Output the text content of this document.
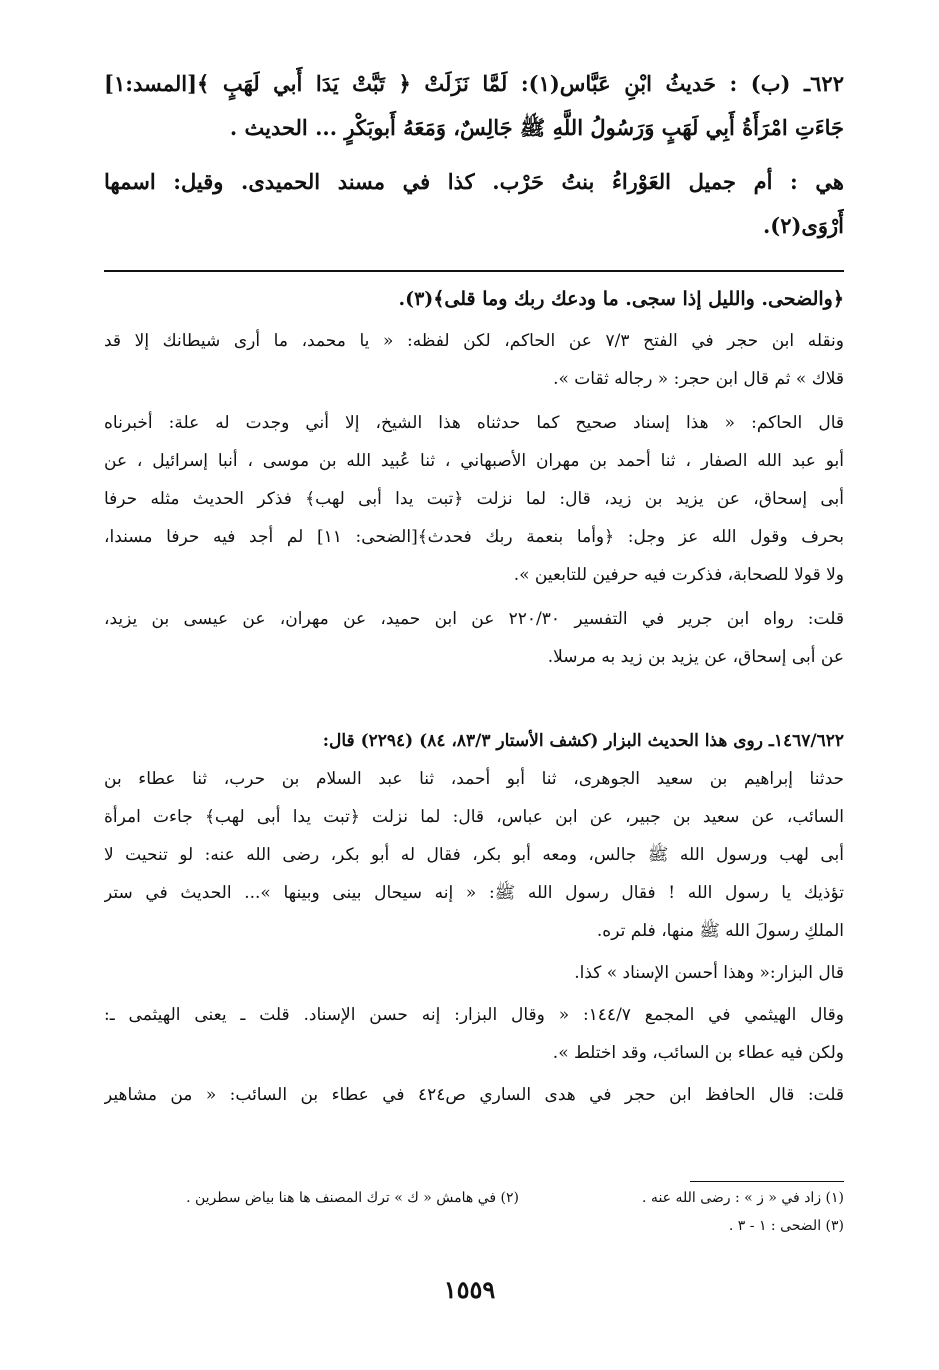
٦٢٢ـ (ب) : حَديثُ ابْنِ عَبَّاس(١): لَمَّا نَزَلَتْ ﴿ تَبَّتْ يَدَا أَبي لَهَبٍ ﴾[المسد:١]
جَاءَتِ امْرَأَةُ أَبِي لَهَبٍ وَرَسُولُ اللَّهِ ﷺ جَالِسٌ، وَمَعَهُ أَبوبَكْرٍ ... الحديث .
هي : أم جميل العَوْراءُ بنتُ حَرْب. كذا في مسند الحميدى. وقيل: اسمها
أَرْوَى(٢).
﴿والضحى. والليل إذا سجى. ما ودعك ربك وما قلى﴾(٣).
ونقله ابن حجر في الفتح ٧/٣ عن الحاكم، لكن لفظه: « يا محمد، ما أرى شيطانك إلا قد
قلاك » ثم قال ابن حجر: « رجاله ثقات ».
قال الحاكم: « هذا إسناد صحيح كما حدثناه هذا الشيخ، إلا أني وجدت له علة: أخبرناه
أبو عبد الله الصفار ، ثنا أحمد بن مهران الأصبهاني ، ثنا عُبيد الله بن موسى ، أنبا إسرائيل ، عن
أبى إسحاق، عن يزيد بن زيد، قال: لما نزلت ﴿تبت يدا أبى لهب﴾ فذكر الحديث مثله حرفا
بحرف وقول الله عز وجل: ﴿وأما بنعمة ربك فحدث﴾[الضحى: ١١] لم أجد فيه حرفا مسندا،
ولا قولا للصحابة، فذكرت فيه حرفين للتابعين ».
قلت: رواه ابن جرير في التفسير ٢٢٠/٣٠ عن ابن حميد، عن مهران، عن عيسى بن يزيد،
عن أبى إسحاق، عن يزيد بن زيد به مرسلا.
١٤٦٧/٦٢٢ـ روى هذا الحديث البزار (كشف الأستار ٨٣/٣، ٨٤) (٢٢٩٤) قال:
حدثنا إبراهيم بن سعيد الجوهرى، ثنا أبو أحمد، ثنا عبد السلام بن حرب، ثنا عطاء بن
السائب، عن سعيد بن جبير، عن ابن عباس، قال: لما نزلت ﴿تبت يدا أبى لهب﴾ جاءت امرأة
أبى لهب ورسول الله ﷺ جالس، ومعه أبو بكر، فقال له أبو بكر، رضى الله عنه: لو تنحيت لا
تؤذيك يا رسول الله ! فقال رسول الله ﷺ: « إنه سيحال بينى وبينها »... الحديث في ستر
الملكِ رسولَ الله ﷺ منها، فلم تره.
قال البزار:« وهذا أحسن الإسناد » كذا.
وقال الهيثمي في المجمع ١٤٤/٧: « وقال البزار: إنه حسن الإسناد. قلت ـ يعنى الهيثمى ـ:
ولكن فيه عطاء بن السائب، وقد اختلط ».
قلت: قال الحافظ ابن حجر في هدى الساري ص٤٢٤ في عطاء بن السائب: « من مشاهير
(١) زاد في « ز » : رضى الله عنه .
(٢) في هامش « ك » ترك المصنف ها هنا بياض سطرين .
(٣) الضحى : ١ - ٣ .
١٥٥٩
